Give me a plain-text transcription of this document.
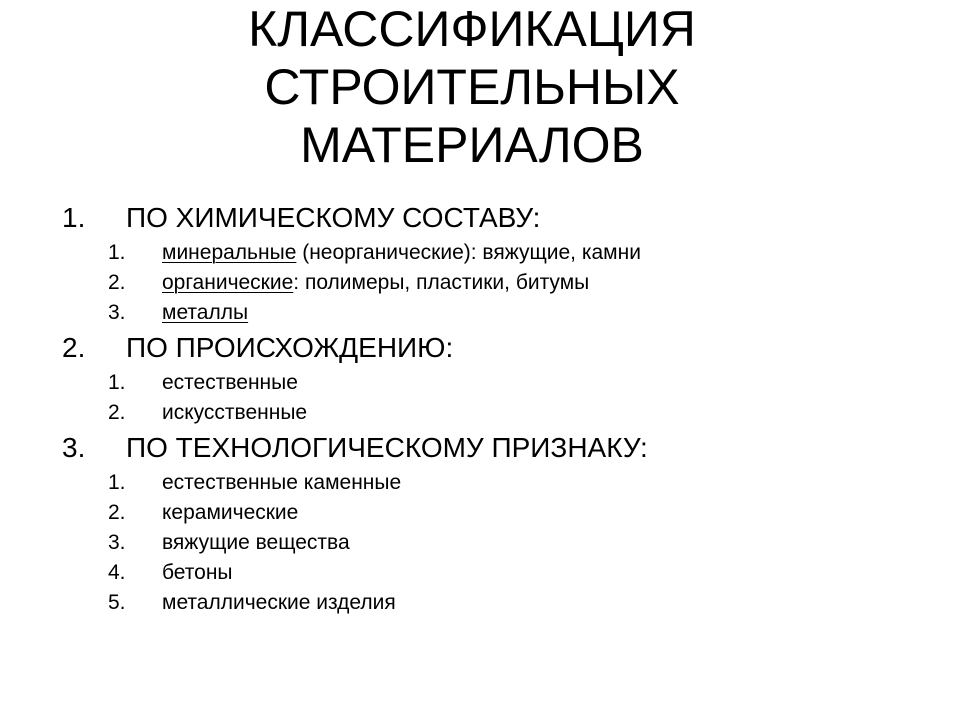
КЛАССИФИКАЦИЯ
СТРОИТЕЛЬНЫХ
МАТЕРИАЛОВ
1. ПО ХИМИЧЕСКОМУ СОСТАВУ:
1. минеральные (неорганические): вяжущие, камни
2. органические: полимеры, пластики, битумы
3. металлы
2. ПО ПРОИСХОЖДЕНИЮ:
1. естественные
2. искусственные
3. ПО ТЕХНОЛОГИЧЕСКОМУ ПРИЗНАКУ:
1. естественные каменные
2. керамические
3. вяжущие вещества
4. бетоны
5. металлические изделия
